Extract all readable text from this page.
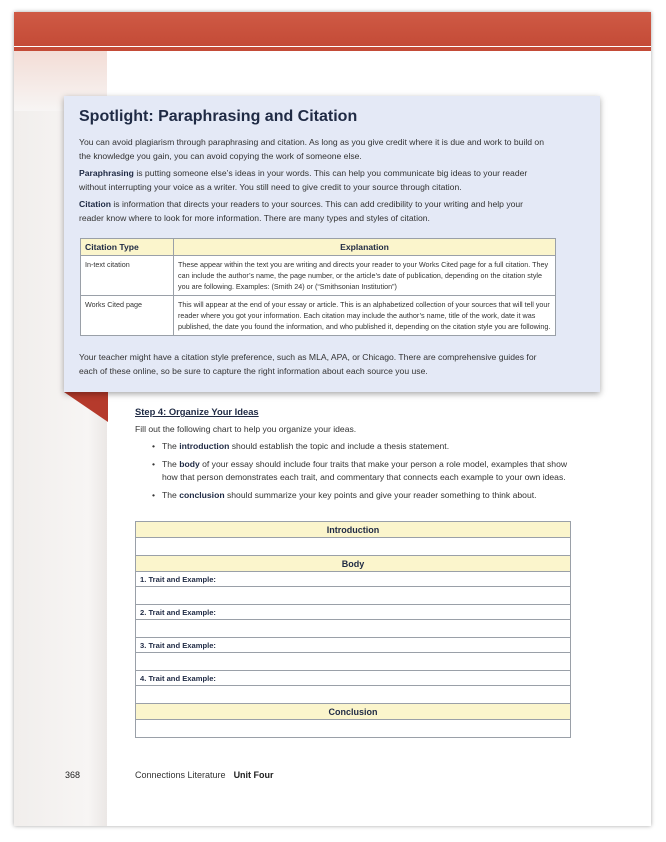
Spotlight: Paraphrasing and Citation
You can avoid plagiarism through paraphrasing and citation. As long as you give credit where it is due and work to build on the knowledge you gain, you can avoid copying the work of someone else.
Paraphrasing is putting someone else’s ideas in your words. This can help you communicate big ideas to your reader without interrupting your voice as a writer. You still need to give credit to your source through citation.
Citation is information that directs your readers to your sources. This can add credibility to your writing and help your reader know where to look for more information. There are many types and styles of citation.
Citation Type	Explanation
In-text citation	These appear within the text you are writing and directs your reader to your Works Cited page for a full citation. They can include the author’s name, the page number, or the article’s date of publication, depending on the citation style you are following. Examples: (Smith 24) or (“Smithsonian Institution”)
Works Cited page	This will appear at the end of your essay or article. This is an alphabetized collection of your sources that will tell your reader where you got your information. Each citation may include the author’s name, title of the work, date it was published, the date you found the information, and who published it, depending on the citation style you are following.
Your teacher might have a citation style preference, such as MLA, APA, or Chicago. There are comprehensive guides for each of these online, so be sure to capture the right information about each source you use.
Step 4: Organize Your Ideas
Fill out the following chart to help you organize your ideas.
• The introduction should establish the topic and include a thesis statement.
• The body of your essay should include four traits that make your person a role model, examples that show how that person demonstrates each trait, and commentary that connects each example to your own ideas.
• The conclusion should summarize your key points and give your reader something to think about.
Introduction

Body
1. Trait and Example:

2. Trait and Example:

3. Trait and Example:

4. Trait and Example:

Conclusion

368	Connections Literature Unit Four
